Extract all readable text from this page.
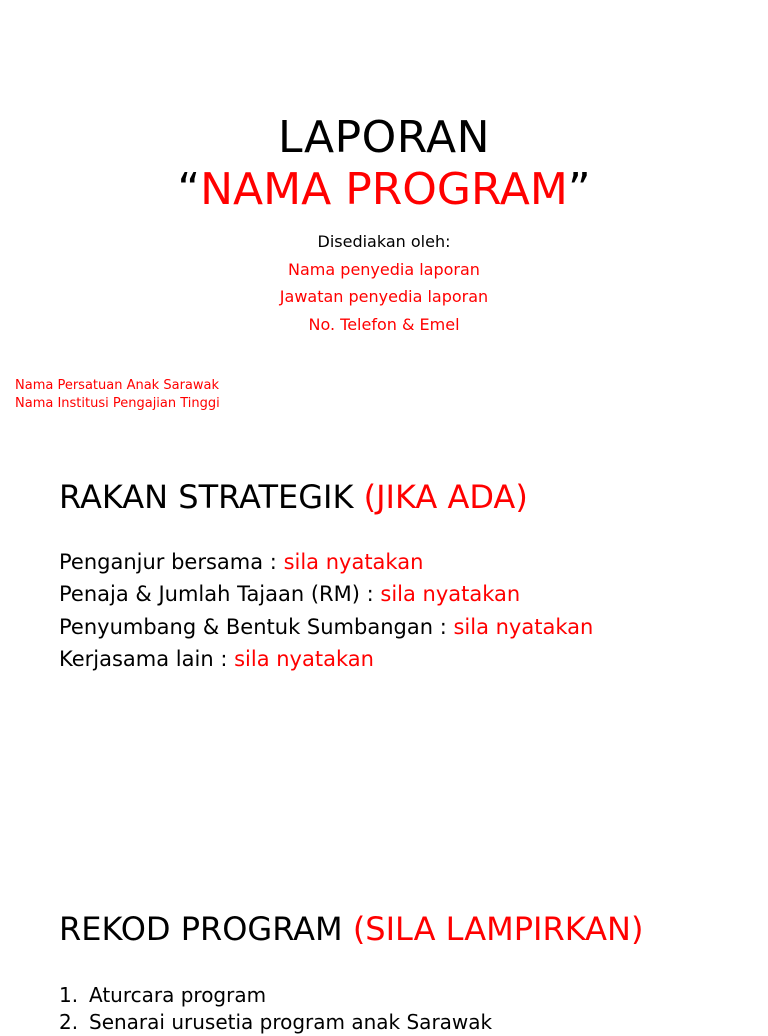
LAPORAN
“NAMA PROGRAM”
Disediakan oleh:
Nama penyedia laporan
Jawatan penyedia laporan
No. Telefon & Emel
Nama Persatuan Anak Sarawak
Nama Institusi Pengajian Tinggi
RAKAN STRATEGIK (JIKA ADA)
Penganjur bersama : sila nyatakan
Penaja & Jumlah Tajaan (RM) : sila nyatakan
Penyumbang & Bentuk Sumbangan : sila nyatakan
Kerjasama lain : sila nyatakan
REKOD PROGRAM (SILA LAMPIRKAN)
1. Aturcara program
2. Senarai urusetia program anak Sarawak
